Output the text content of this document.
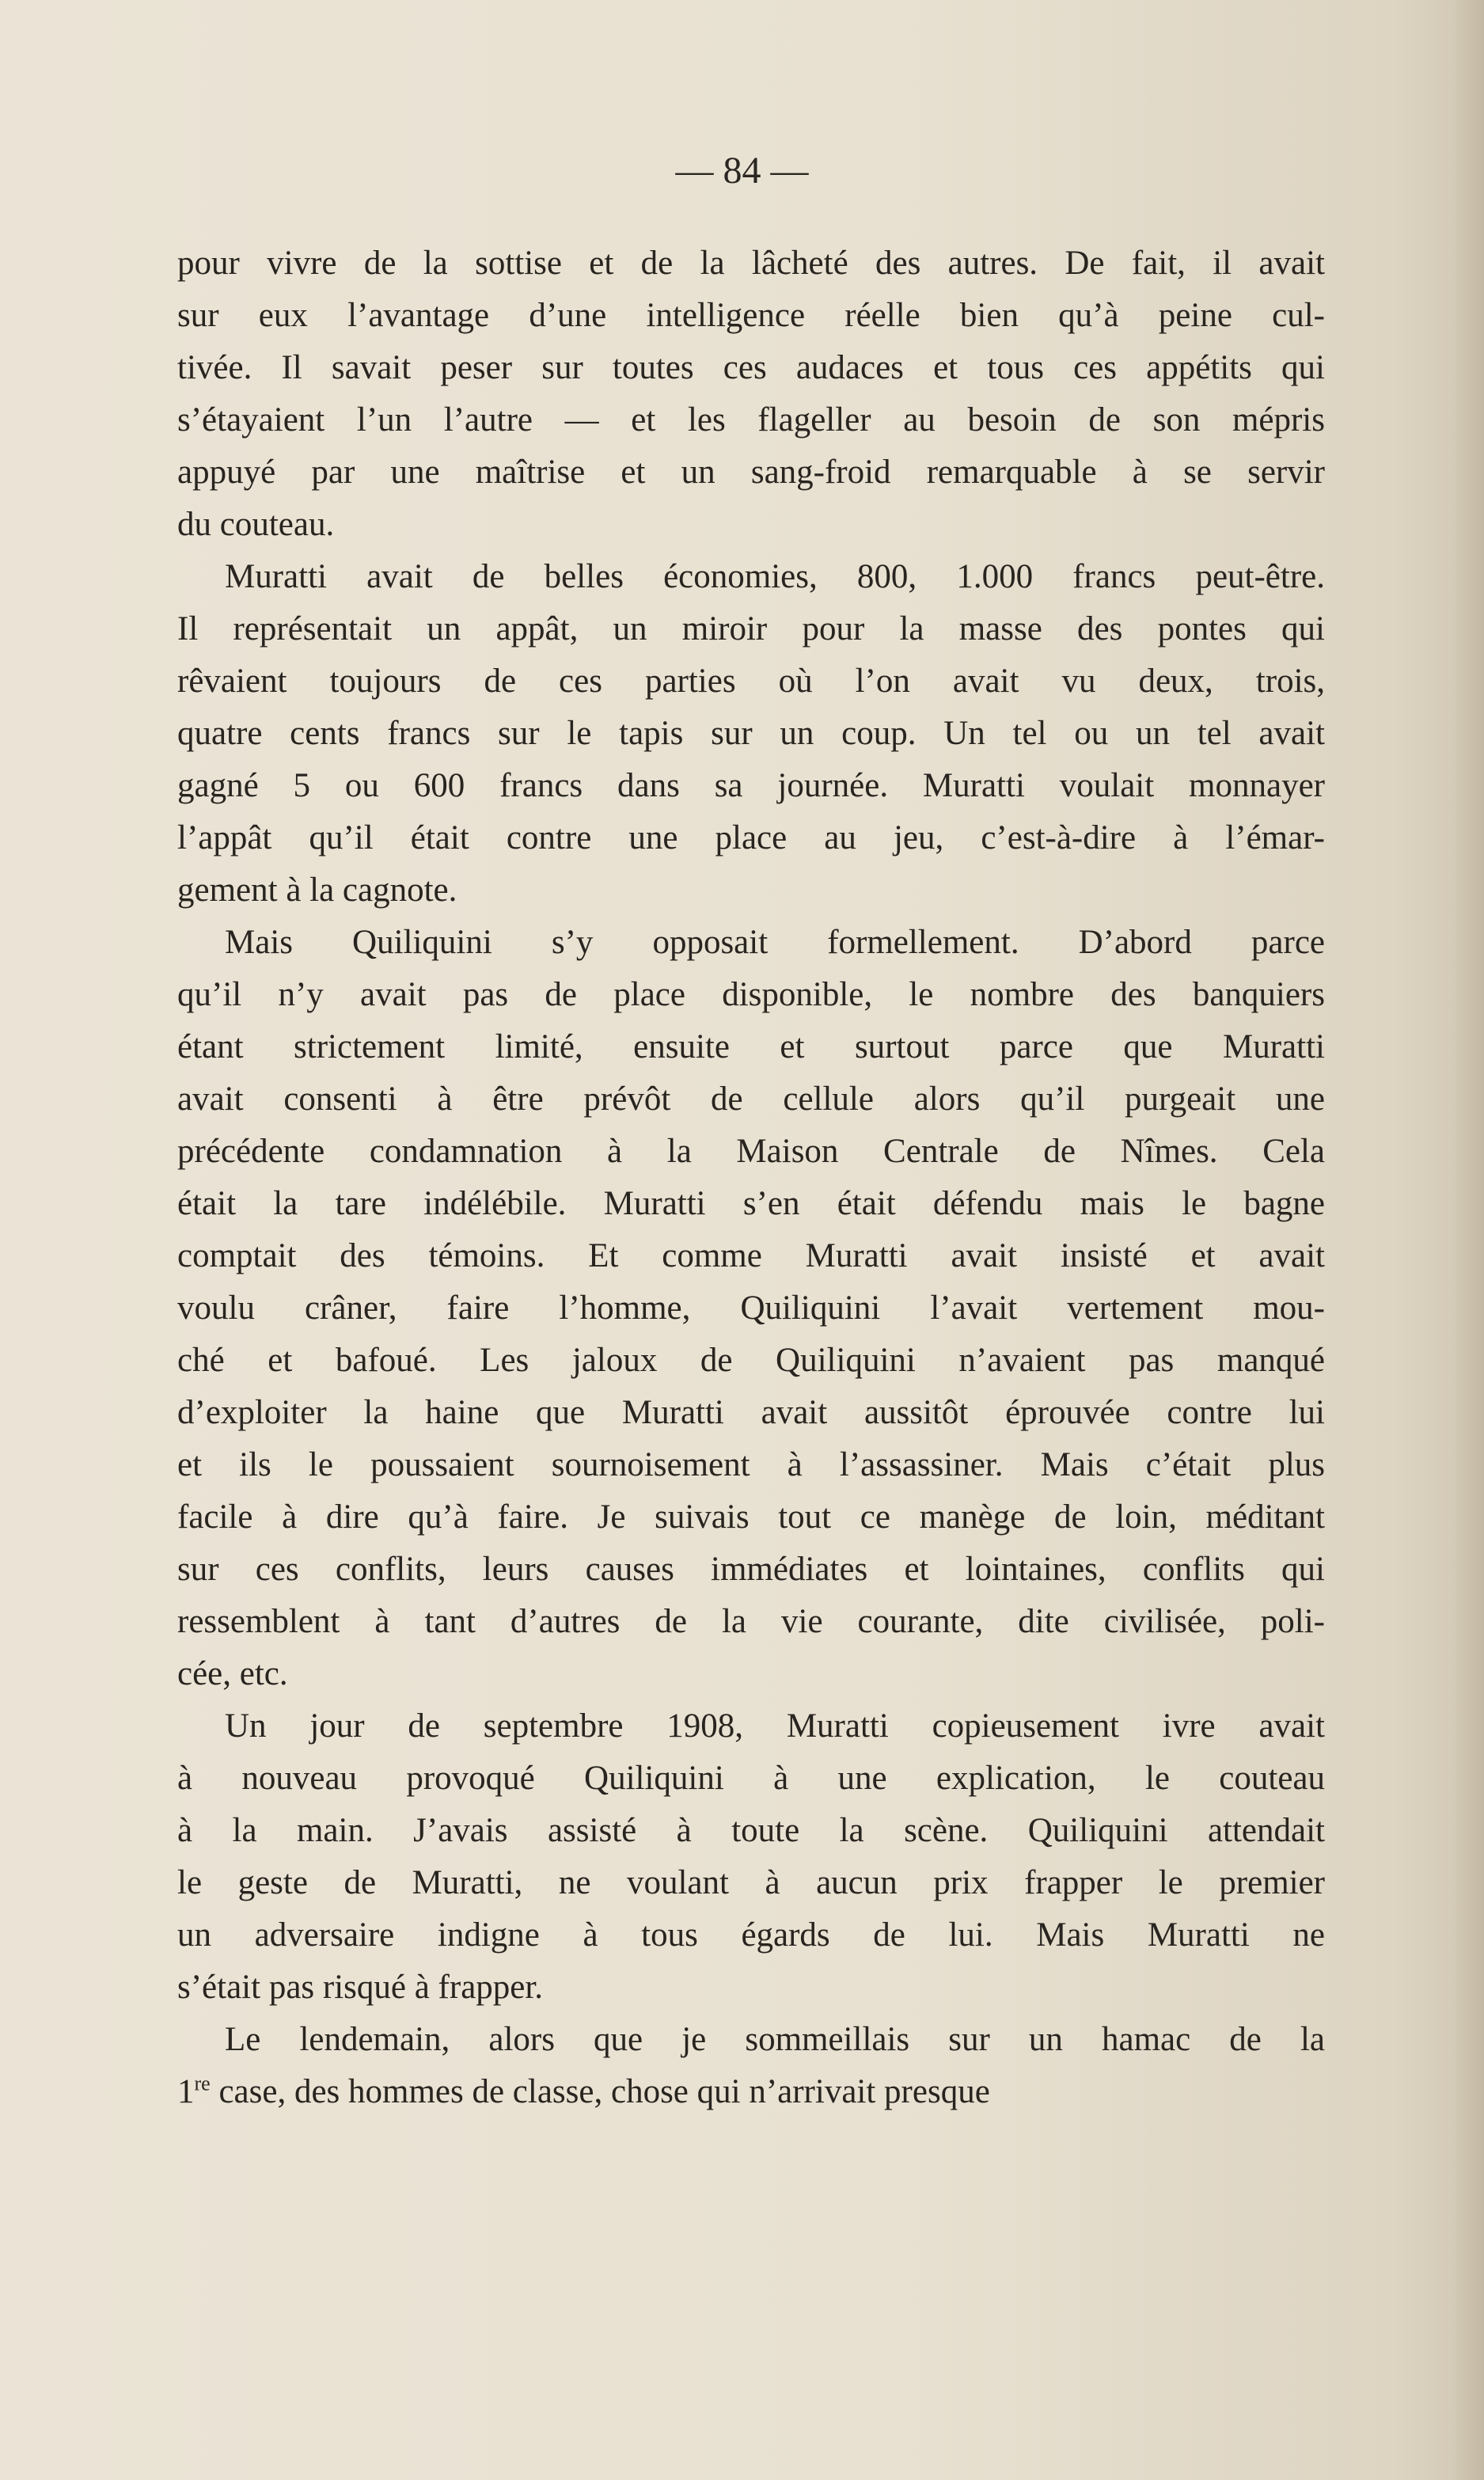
— 84 —

pour vivre de la sottise et de la lâcheté des autres. De fait, il avait
sur eux l’avantage d’une intelligence réelle bien qu’à peine cul-
tivée. Il savait peser sur toutes ces audaces et tous ces appétits qui
s’étayaient l’un l’autre — et les flageller au besoin de son mépris
appuyé par une maîtrise et un sang-froid remarquable à se servir
du couteau.

Muratti avait de belles économies, 800, 1.000 francs peut-être.
Il représentait un appât, un miroir pour la masse des pontes qui
rêvaient toujours de ces parties où l’on avait vu deux, trois,
quatre cents francs sur le tapis sur un coup. Un tel ou un tel avait
gagné 5 ou 600 francs dans sa journée. Muratti voulait monnayer
l’appât qu’il était contre une place au jeu, c’est-à-dire à l’émar-
gement à la cagnote.

Mais Quiliquini s’y opposait formellement. D’abord parce
qu’il n’y avait pas de place disponible, le nombre des banquiers
étant strictement limité, ensuite et surtout parce que Muratti
avait consenti à être prévôt de cellule alors qu’il purgeait une
précédente condamnation à la Maison Centrale de Nîmes. Cela
était la tare indélébile. Muratti s’en était défendu mais le bagne
comptait des témoins. Et comme Muratti avait insisté et avait
voulu crâner, faire l’homme, Quiliquini l’avait vertement mou-
ché et bafoué. Les jaloux de Quiliquini n’avaient pas manqué
d’exploiter la haine que Muratti avait aussitôt éprouvée contre lui
et ils le poussaient sournoisement à l’assassiner. Mais c’était plus
facile à dire qu’à faire. Je suivais tout ce manège de loin, méditant
sur ces conflits, leurs causes immédiates et lointaines, conflits qui
ressemblent à tant d’autres de la vie courante, dite civilisée, poli-
cée, etc.

Un jour de septembre 1908, Muratti copieusement ivre avait
à nouveau provoqué Quiliquini à une explication, le couteau
à la main. J’avais assisté à toute la scène. Quiliquini attendait
le geste de Muratti, ne voulant à aucun prix frapper le premier
un adversaire indigne à tous égards de lui. Mais Muratti ne
s’était pas risqué à frapper.

Le lendemain, alors que je sommeillais sur un hamac de la
1re case, des hommes de classe, chose qui n’arrivait presque
